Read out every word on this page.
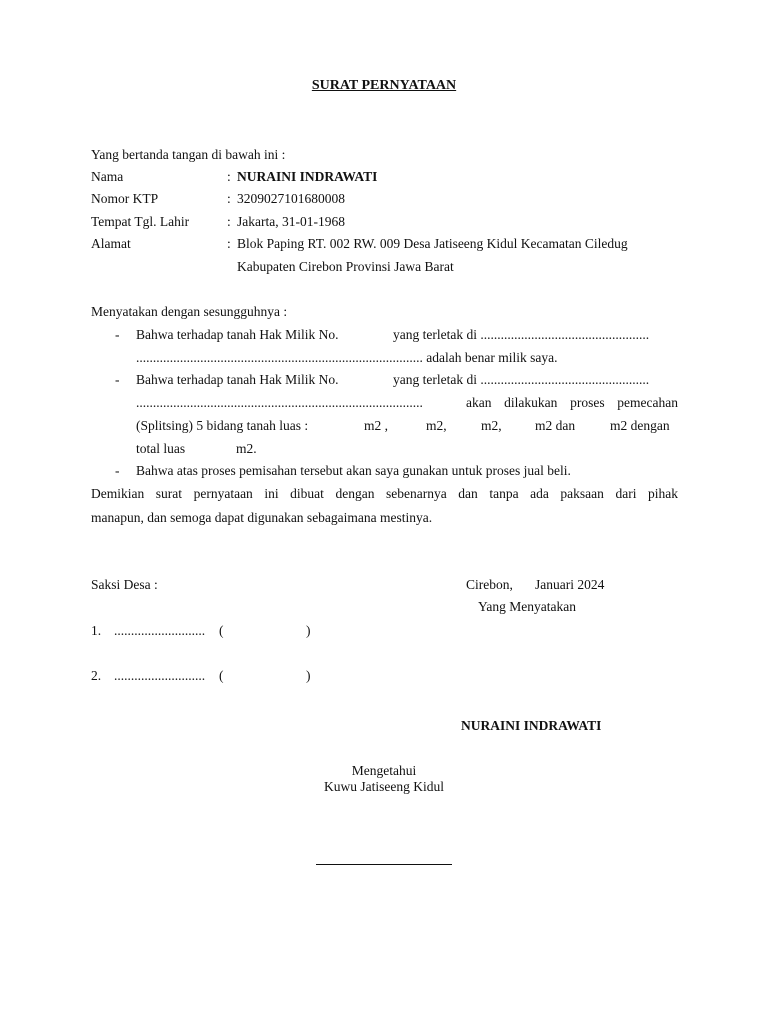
SURAT PERNYATAAN
Yang bertanda tangan di bawah ini :
Nama	: NURAINI INDRAWATI
Nomor KTP	: 3209027101680008
Tempat Tgl. Lahir	: Jakarta, 31-01-1968
Alamat	: Blok Paping RT. 002 RW. 009 Desa Jatiseeng Kidul Kecamatan Ciledug
Kabupaten Cirebon Provinsi Jawa Barat
Menyatakan dengan sesungguhnya :
- Bahwa terhadap tanah Hak Milik No.	yang terletak di ..................................................
..................................................................................... adalah benar milik saya.
- Bahwa terhadap tanah Hak Milik No.	yang terletak di ..................................................
.....................................................................................	akan dilakukan proses pemecahan
(Splitsing) 5 bidang tanah luas :	m2 ,	m2,	m2, m2 dan	m2 dengan
total luas	m2.
- Bahwa atas proses pemisahan tersebut akan saya gunakan untuk proses jual beli.
Demikian surat pernyataan ini dibuat dengan sebenarnya dan tanpa ada paksaan dari pihak
manapun, dan semoga dapat digunakan sebagaimana mestinya.
Saksi Desa :	Cirebon, Januari 2024
Yang Menyatakan
1. ........................... (	)
2. ........................... (	)
NURAINI INDRAWATI
Mengetahui
Kuwu Jatiseeng Kidul
